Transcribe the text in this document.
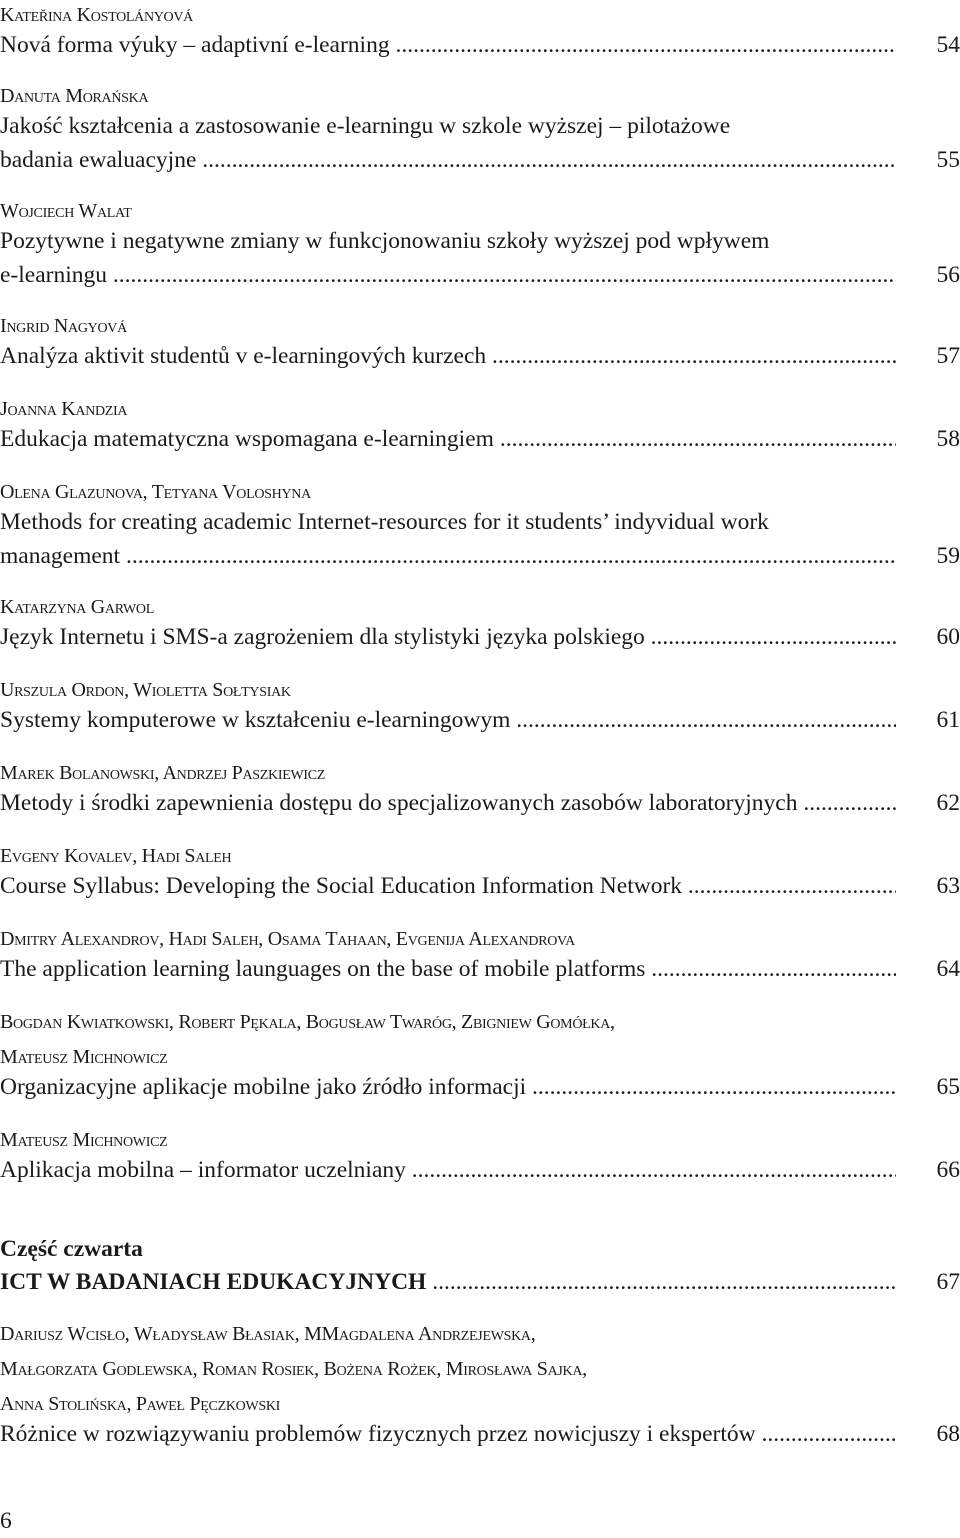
Kateřina Kostolányová
Nová forma výuky – adaptivní e-learning .....	54
Danuta Morańska
Jakość kształcenia a zastosowanie e-learningu w szkole wyższej – pilotażowe
badania ewaluacyjne .....	55
Wojciech Walat
Pozytywne i negatywne zmiany w funkcjonowaniu szkoły wyższej pod wpływem
e-learningu .....	56
Ingrid Nagyová
Analýza aktivit studentů v e-learningových kurzech .....	57
Joanna Kandzia
Edukacja matematyczna wspomagana e-learningiem .....	58
Olena Glazunova, Tetyana Voloshyna
Methods for creating academic Internet-resources for it students’ indyvidual work
management .....	59
Katarzyna Garwol
Język Internetu i SMS-a zagrożeniem dla stylistyki języka polskiego .....	60
Urszula Ordon, Wioletta Sołtysiak
Systemy komputerowe w kształceniu e-learningowym .....	61
Marek Bolanowski, Andrzej Paszkiewicz
Metody i środki zapewnienia dostępu do specjalizowanych zasobów laboratoryjnych .....	62
Evgeny Kovalev, Hadi Saleh
Course Syllabus: Developing the Social Education Information Network .....	63
Dmitry Alexandrov, Hadi Saleh, Osama Tahaan, Evgenija Alexandrova
The application learning launguages on the base of mobile platforms .....	64
Bogdan Kwiatkowski, Robert Pękala, Bogusław Twaróg, Zbigniew Gomółka,
Mateusz Michnowicz
Organizacyjne aplikacje mobilne jako źródło informacji .....	65
Mateusz Michnowicz
Aplikacja mobilna – informator uczelniany .....	66
Część czwarta
ICT W BADANIACH EDUKACYJNYCH .....	67
Dariusz Wcisło, Władysław Błasiak, MMagdalena Andrzejewska,
Małgorzata Godlewska, Roman Rosiek, Bożena Rożek, Mirosława Sajka,
Anna Stolińska, Paweł Pęczkowski
Różnice w rozwiązywaniu problemów fizycznych przez nowicjuszy i ekspertów .....	68
6
